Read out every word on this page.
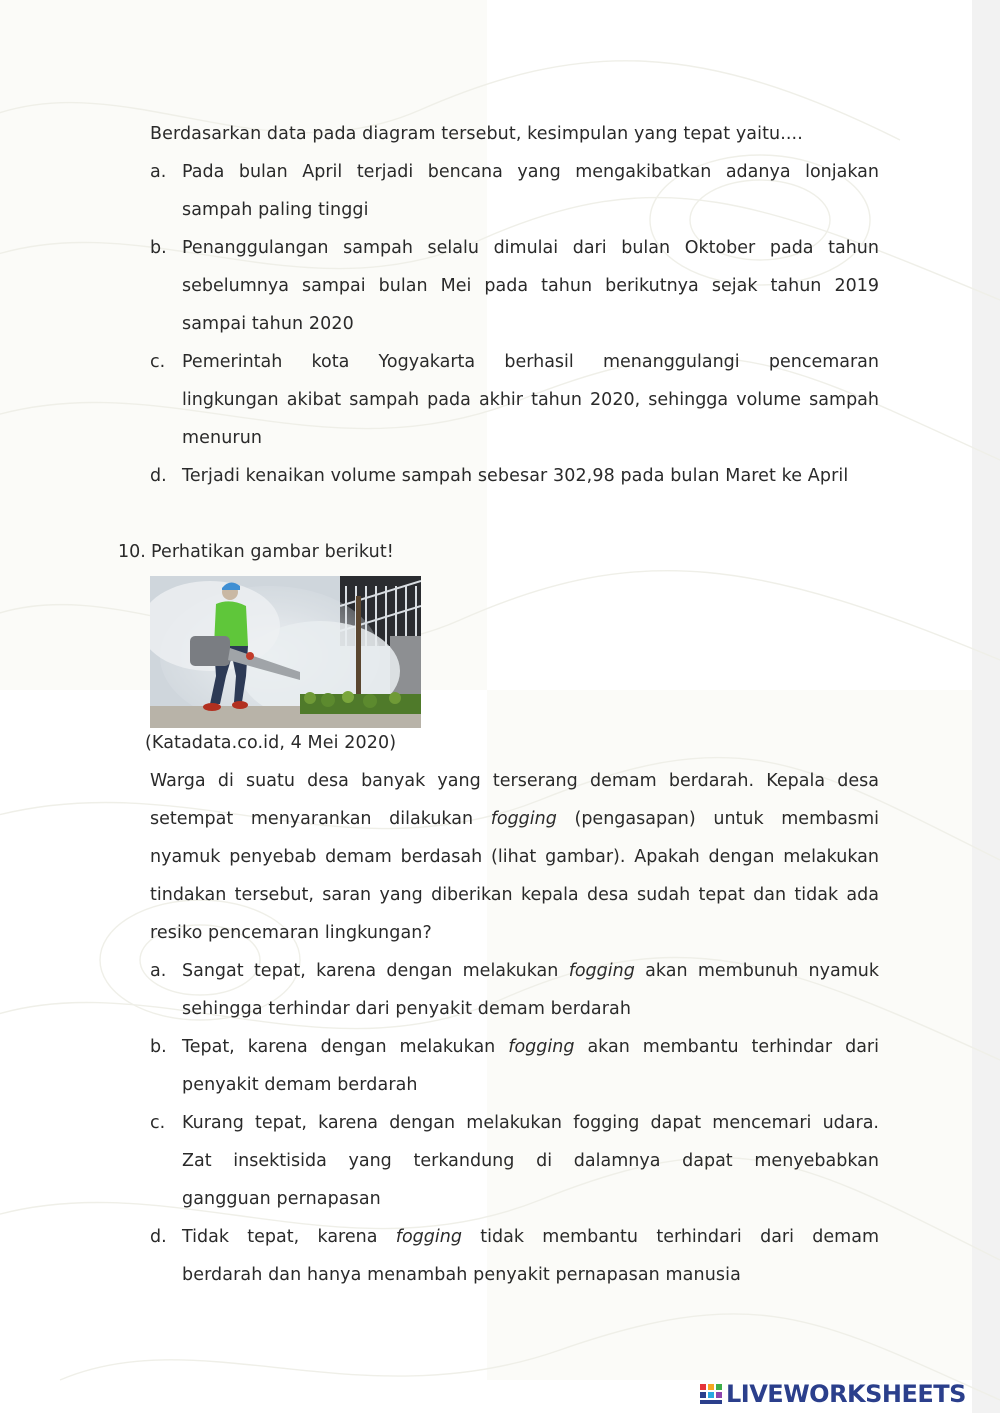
Berdasarkan data pada diagram tersebut, kesimpulan yang tepat yaitu....
a. Pada bulan April terjadi bencana yang mengakibatkan adanya lonjakan
sampah paling tinggi
b. Penanggulangan sampah selalu dimulai dari bulan Oktober pada tahun
sebelumnya sampai bulan Mei pada tahun berikutnya sejak tahun 2019
sampai tahun 2020
c. Pemerintah kota Yogyakarta berhasil menanggulangi pencemaran
lingkungan akibat sampah pada akhir tahun 2020, sehingga volume sampah
menurun
d. Terjadi kenaikan volume sampah sebesar 302,98 pada bulan Maret ke April
10. Perhatikan gambar berikut!
(Katadata.co.id, 4 Mei 2020)
Warga di suatu desa banyak yang terserang demam berdarah. Kepala desa
setempat menyarankan dilakukan fogging (pengasapan) untuk membasmi
nyamuk penyebab demam berdasah (lihat gambar). Apakah dengan melakukan
tindakan tersebut, saran yang diberikan kepala desa sudah tepat dan tidak ada
resiko pencemaran lingkungan?
a. Sangat tepat, karena dengan melakukan fogging akan membunuh nyamuk
sehingga terhindar dari penyakit demam berdarah
b. Tepat, karena dengan melakukan fogging akan membantu terhindar dari
penyakit demam berdarah
c. Kurang tepat, karena dengan melakukan fogging dapat mencemari udara.
Zat insektisida yang terkandung di dalamnya dapat menyebabkan
gangguan pernapasan
d. Tidak tepat, karena fogging tidak membantu terhindari dari demam
berdarah dan hanya menambah penyakit pernapasan manusia
LIVEWORKSHEETS
